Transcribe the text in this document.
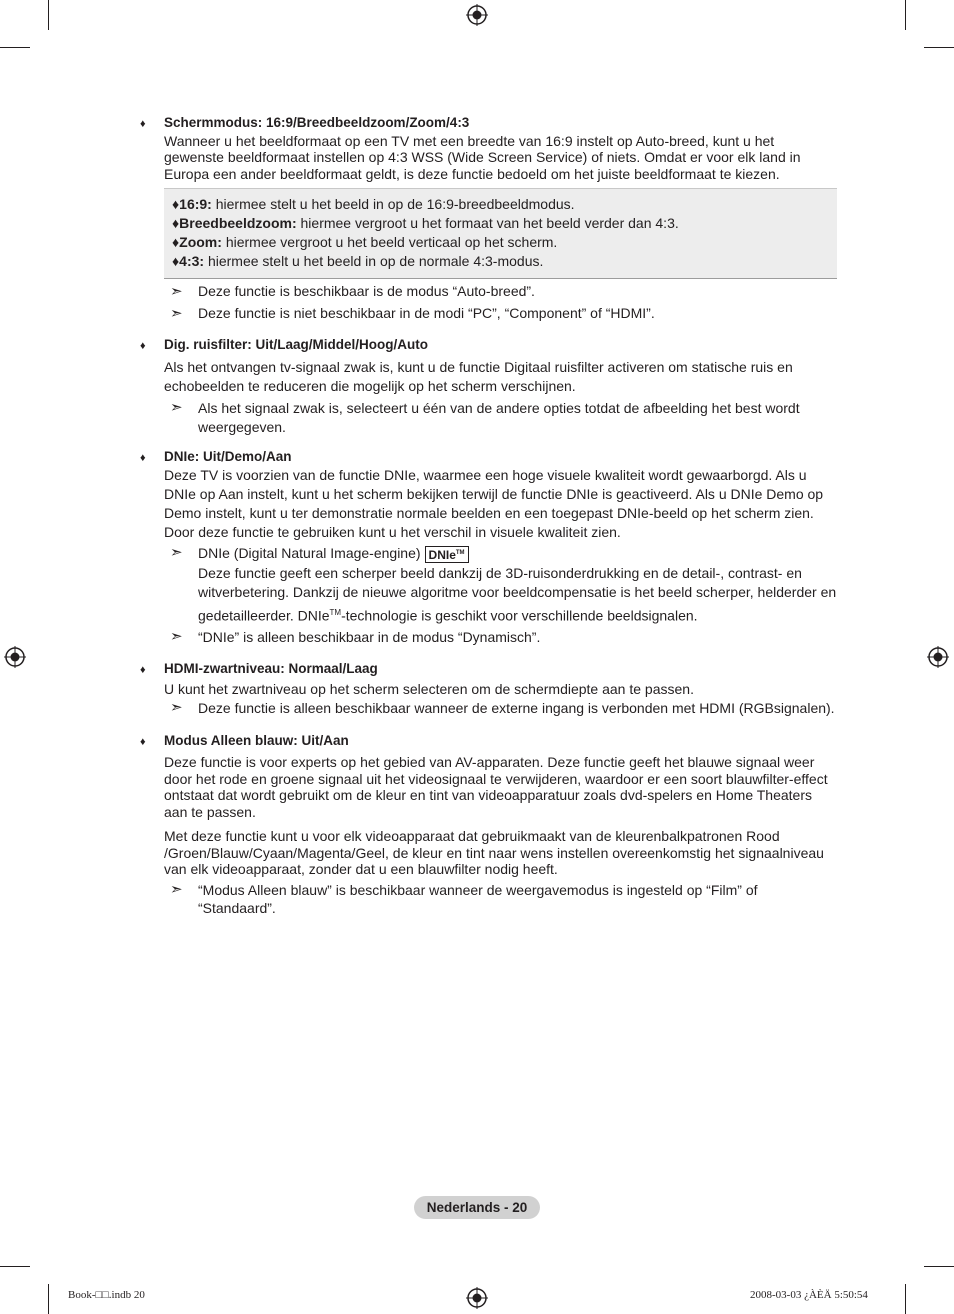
♦	Schermmodus: 16:9/Breedbeeldzoom/Zoom/4:3

Wanneer u het beeldformaat op een TV met een breedte van 16:9 instelt op Auto-breed, kunt u het gewenste beeldformaat instellen op 4:3 WSS (Wide Screen Service) of niets. Omdat er voor elk land in Europa een ander beeldformaat geldt, is deze functie bedoeld om het juiste beeldformaat te kiezen.

♦16:9: hiermee stelt u het beeld in op de 16:9-breedbeeldmodus.
♦Breedbeeldzoom: hiermee vergroot u het formaat van het beeld verder dan 4:3.
♦Zoom: hiermee vergroot u het beeld verticaal op het scherm.
♦4:3: hiermee stelt u het beeld in op de normale 4:3-modus.
➣	Deze functie is beschikbaar is de modus “Auto-breed”.
➣	Deze functie is niet beschikbaar in de modi “PC”, “Component” of “HDMI”.
♦	Dig. ruisfilter: Uit/Laag/Middel/Hoog/Auto

Als het ontvangen tv-signaal zwak is, kunt u de functie Digitaal ruisfilter activeren om statische ruis en echobeelden te reduceren die mogelijk op het scherm verschijnen.

➣	Als het signaal zwak is, selecteert u één van de andere opties totdat de afbeelding het best wordt weergegeven.
♦	DNIe: Uit/Demo/Aan

Deze TV is voorzien van de functie DNIe, waarmee een hoge visuele kwaliteit wordt gewaarborgd. Als u DNIe op Aan instelt, kunt u het scherm bekijken terwijl de functie DNIe is geactiveerd. Als u DNIe Demo op Demo instelt, kunt u ter demonstratie normale beelden en een toegepast DNIe-beeld op het scherm zien. Door deze functie te gebruiken kunt u het verschil in visuele kwaliteit zien.

➣	DNIe (Digital Natural Image-engine) DNIe™
Deze functie geeft een scherper beeld dankzij de 3D-ruisonderdrukking en de detail-, contrast- en witverbetering. Dankzij de nieuwe algoritme voor beeldcompensatie is het beeld scherper, helderder en gedetailleerder. DNIe™-technologie is geschikt voor verschillende beeldsignalen.
➣	“DNIe” is alleen beschikbaar in de modus “Dynamisch”.
♦	HDMI-zwartniveau: Normaal/Laag

U kunt het zwartniveau op het scherm selecteren om de schermdiepte aan te passen.

➣	Deze functie is alleen beschikbaar wanneer de externe ingang is verbonden met HDMI (RGBsignalen).
♦	Modus Alleen blauw: Uit/Aan

Deze functie is voor experts op het gebied van AV-apparaten. Deze functie geeft het blauwe signaal weer door het rode en groene signaal uit het videosignaal te verwijderen, waardoor er een soort blauwfilter-effect ontstaat dat wordt gebruikt om de kleur en tint van videoapparatuur zoals dvd-spelers en Home Theaters aan te passen.

Met deze functie kunt u voor elk videoapparaat dat gebruikmaakt van de kleurenbalkpatronen Rood /Groen/Blauw/Cyaan/Magenta/Geel, de kleur en tint naar wens instellen overeenkomstig het signaalniveau van elk videoapparaat, zonder dat u een blauwfilter nodig heeft.

➣	“Modus Alleen blauw” is beschikbaar wanneer de weergavemodus is ingesteld op “Film” of “Standaard”.
Nederlands - 20
Book-□□.indb 20	2008-03-03 ¿ÀÈÄ 5:50:54
